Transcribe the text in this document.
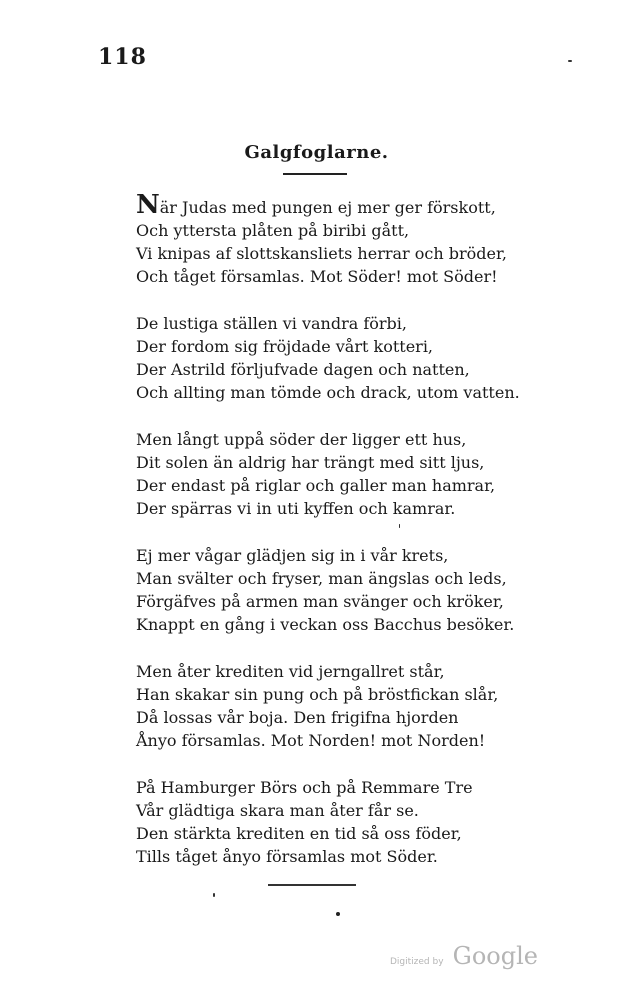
118
Galgfoglarne.
När Judas med pungen ej mer ger förskott,
Och yttersta plåten på biribi gått,
Vi knipas af slottskansliets herrar och bröder,
Och tåget församlas. Mot Söder! mot Söder!
De lustiga ställen vi vandra förbi,
Der fordom sig fröjdade vårt kotteri,
Der Astrild förljufvade dagen och natten,
Och allting man tömde och drack, utom vatten.
Men långt uppå söder der ligger ett hus,
Dit solen än aldrig har trängt med sitt ljus,
Der endast på riglar och galler man hamrar,
Der spärras vi in uti kyffen och kamrar.
Ej mer vågar glädjen sig in i vår krets,
Man svälter och fryser, man ängslas och leds,
Förgäfves på armen man svänger och kröker,
Knappt en gång i veckan oss Bacchus besöker.
Men åter krediten vid jerngallret står,
Han skakar sin pung och på bröstfickan slår,
Då lossas vår boja. Den frigifna hjorden
Ånyo församlas. Mot Norden! mot Norden!
På Hamburger Börs och på Remmare Tre
Vår glädtiga skara man åter får se.
Den stärkta krediten en tid så oss föder,
Tills tåget ånyo församlas mot Söder.
Digitized by Google
